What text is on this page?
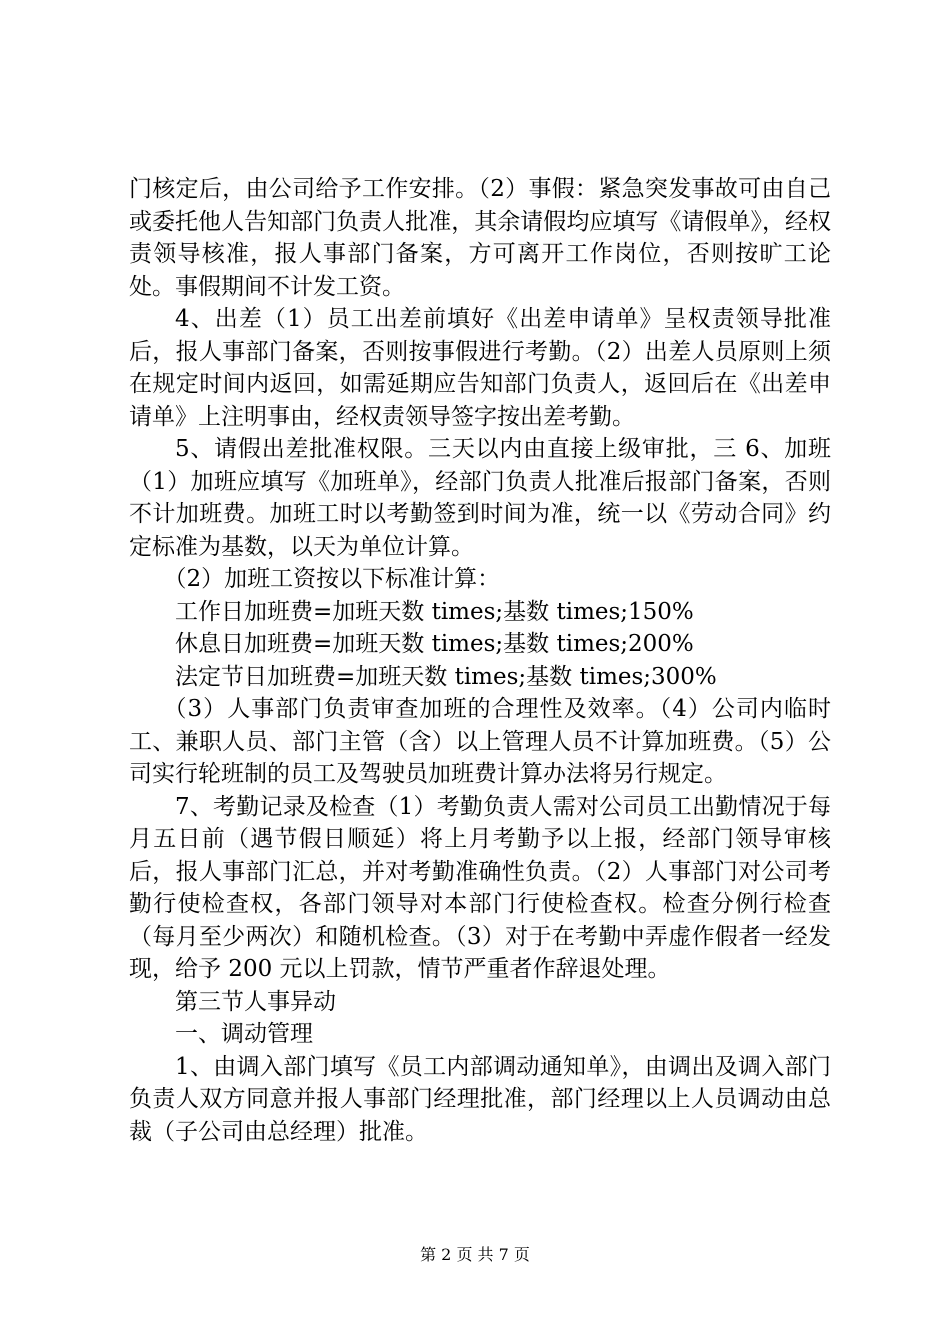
门核定后，由公司给予工作安排。（2）事假：紧急突发事故可由自己或委托他人告知部门负责人批准，其余请假均应填写《请假单》，经权责领导核准，报人事部门备案，方可离开工作岗位，否则按旷工论处。事假期间不计发工资。

4、出差（1）员工出差前填好《出差申请单》呈权责领导批准后，报人事部门备案，否则按事假进行考勤。（2）出差人员原则上须在规定时间内返回，如需延期应告知部门负责人，返回后在《出差申请单》上注明事由，经权责领导签字按出差考勤。

5、请假出差批准权限。三天以内由直接上级审批，三 6、加班（1）加班应填写《加班单》，经部门负责人批准后报部门备案，否则不计加班费。加班工时以考勤签到时间为准，统一以《劳动合同》约定标准为基数，以天为单位计算。

（2）加班工资按以下标准计算：

工作日加班费=加班天数 times;基数 times;150%

休息日加班费=加班天数 times;基数 times;200%

法定节日加班费=加班天数 times;基数 times;300%

（3）人事部门负责审查加班的合理性及效率。（4）公司内临时工、兼职人员、部门主管（含）以上管理人员不计算加班费。（5）公司实行轮班制的员工及驾驶员加班费计算办法将另行规定。

7、考勤记录及检查（1）考勤负责人需对公司员工出勤情况于每月五日前（遇节假日顺延）将上月考勤予以上报，经部门领导审核后，报人事部门汇总，并对考勤准确性负责。（2）人事部门对公司考勤行使检查权，各部门领导对本部门行使检查权。检查分例行检查（每月至少两次）和随机检查。（3）对于在考勤中弄虚作假者一经发现，给予 200 元以上罚款，情节严重者作辞退处理。

第三节人事异动

一、调动管理

1、由调入部门填写《员工内部调动通知单》，由调出及调入部门负责人双方同意并报人事部门经理批准，部门经理以上人员调动由总裁（子公司由总经理）批准。

第 2 页 共 7 页
